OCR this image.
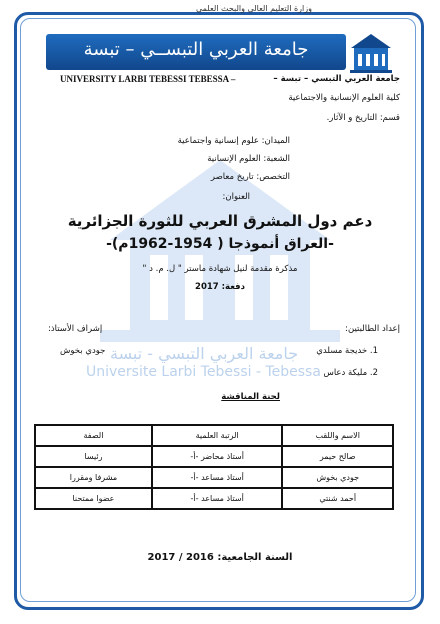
وزارة التعليم العالي والبحث العلمي
جامعة العربي التبســي – تبسة
UNIVERSITY LARBI TEBESSI TEBESSA –	جامعة العربي التبسي – تبسة –
كلية العلوم الإنسانية والاجتماعية
قسم: التاريخ و الآثار.
جامعة العربي التبسي - تبسة
Universite Larbi Tebessi - Tebessa
الميدان: علوم إنسانية واجتماعية
الشعبة: العلوم الإنسانية
التخصص: تاريخ معاصر
العنوان:
دعم دول المشرق العربي للثورة الجزائرية
-العراق أنموذجا ( 1954-1962م)-
مذكرة مقدمة لنيل شهادة ماستر " ل. م. د "
دفعة: 2017
إعداد الطالبتين:
1. خديجة مسلدي
2. مليكة دعاس
إشراف الأستاذ:
جودي بخوش
لجنة المناقشة
الصفة	الرتبة العلمية	الاسم واللقب
رئيسا	أستاذ محاضر -أ-	صالح حيمر
مشرفا ومقررا	أستاذ مساعد -أ-	جودي بخوش
عضوا ممتحنا	أستاذ مساعد -أ-	أحمد شنتي
السنة الجامعية: 2016 / 2017
